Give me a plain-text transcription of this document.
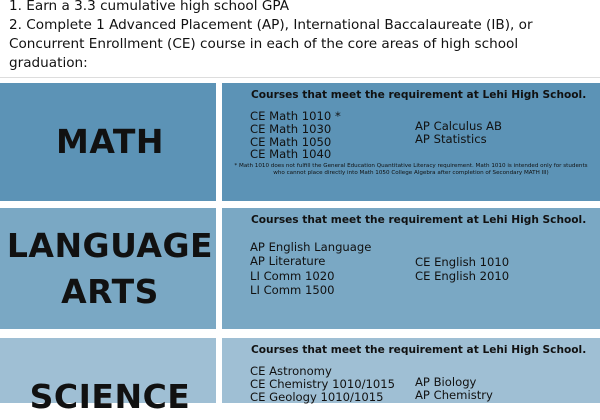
1. Earn a 3.3 cumulative high school GPA
2. Complete 1 Advanced Placement (AP), International Baccalaureate (IB), or
Concurrent Enrollment (CE) course in each of the core areas of high school
graduation:
MATH
Courses that meet the requirement at Lehi High School.
CE Math 1010 *
CE Math 1030
CE Math 1050
CE Math 1040
AP Calculus AB
AP Statistics
* Math 1010 does not fulfill the General Education Quantitative Literacy requirement. Math 1010 is intended only for students who cannot place directly into Math 1050 College Algebra after completion of Secondary MATH III)
LANGUAGE
ARTS
Courses that meet the requirement at Lehi High School.
AP English Language
AP Literature
LI Comm 1020
LI Comm 1500
CE English 1010
CE English 2010
SCIENCE
Courses that meet the requirement at Lehi High School.
CE Astronomy
CE Chemistry 1010/1015
CE Geology 1010/1015
AP Biology
AP Chemistry
